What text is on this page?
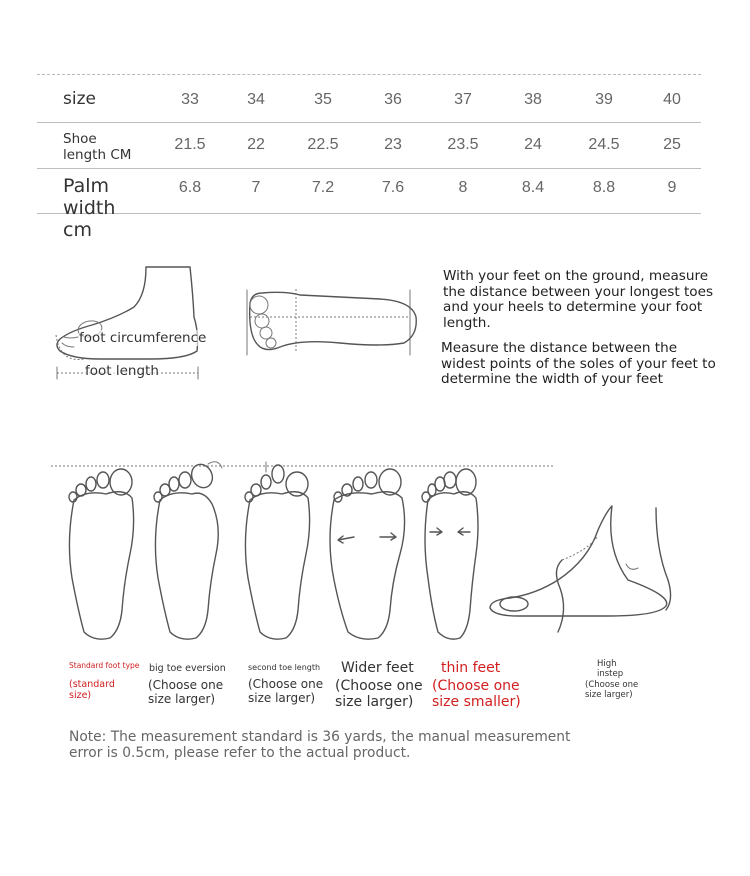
size	33	34	35	36	37	38	39	40
Shoe
length CM
21.5	22	22.5	23	23.5	24	24.5	25
Palm
width
cm
6.8	7	7.2	7.6	8	8.4	8.8	9
foot circumference
foot length
With your feet on the ground, measure the distance between your longest toes and your heels to determine your foot length.
Measure the distance between the widest points of the soles of your feet to determine the width of your feet
Standard foot type
(standard size)
big toe eversion
(Choose one size larger)
second toe length
(Choose one size larger)
Wider feet
(Choose one size larger)
thin feet
(Choose one size smaller)
High instep
(Choose one size larger)
Note: The measurement standard is 36 yards, the manual measurement error is 0.5cm, please refer to the actual product.
